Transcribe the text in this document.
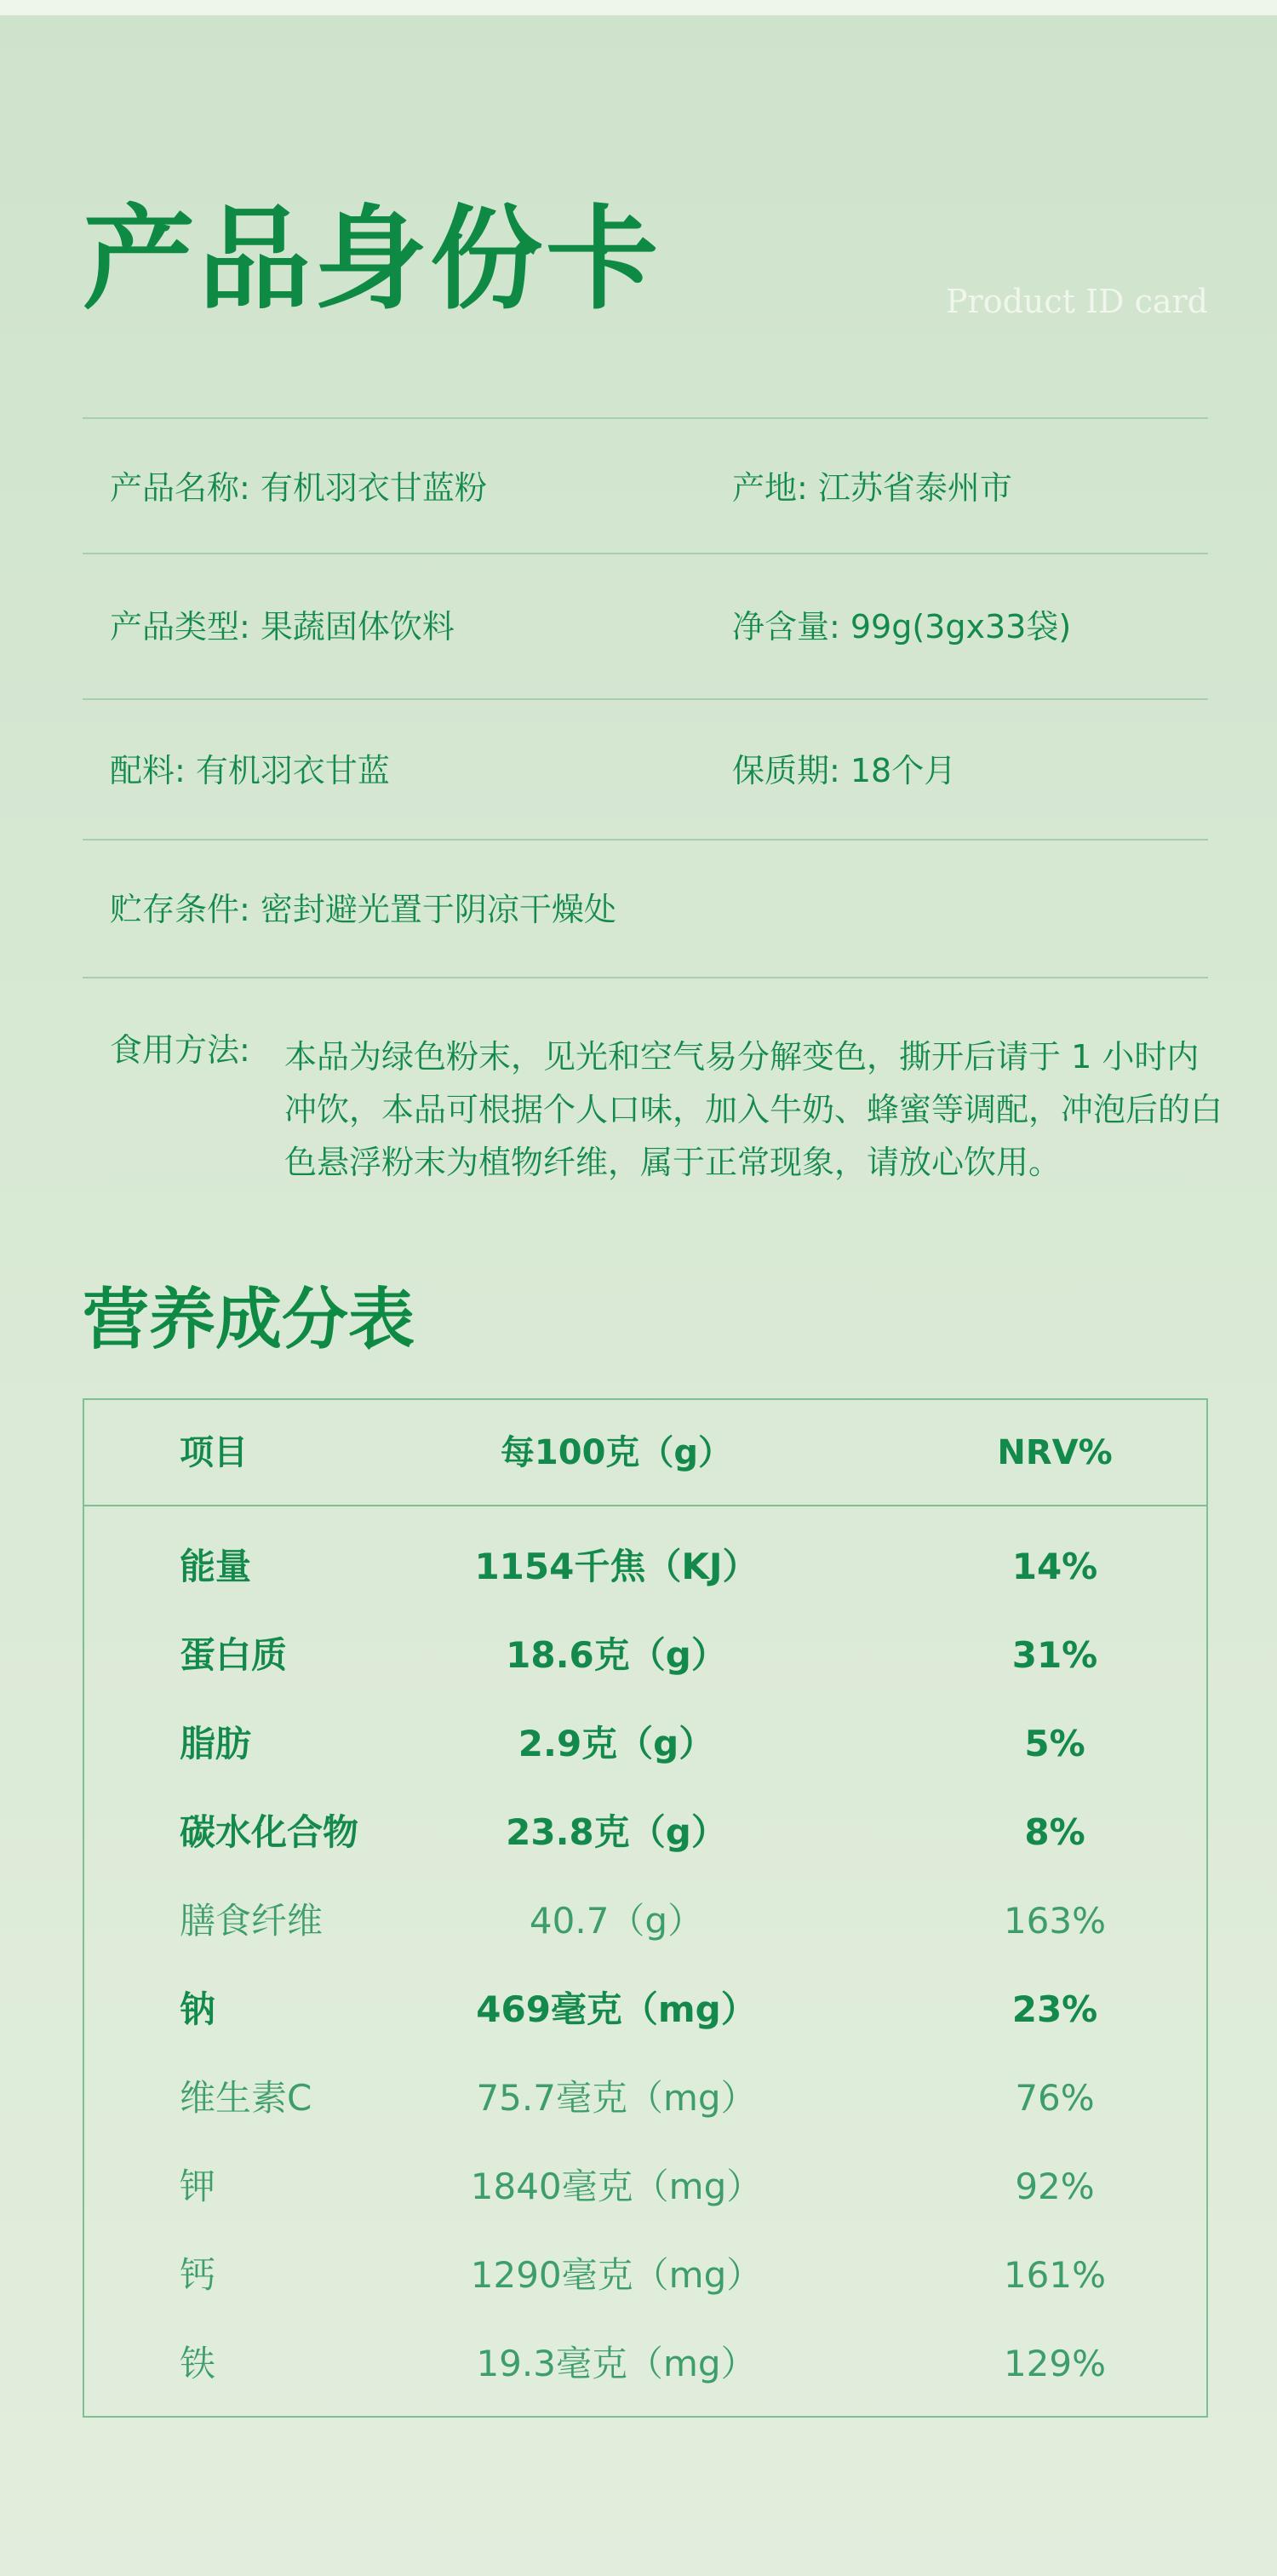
产品身份卡	Product ID card
产品名称: 有机羽衣甘蓝粉	产地: 江苏省泰州市
产品类型: 果蔬固体饮料	净含量: 99g(3gx33袋)
配料: 有机羽衣甘蓝	保质期: 18个月
贮存条件: 密封避光置于阴凉干燥处
食用方法: 本品为绿色粉末，见光和空气易分解变色，撕开后请于 1 小时内
冲饮，本品可根据个人口味，加入牛奶、蜂蜜等调配，冲泡后的白
色悬浮粉末为植物纤维，属于正常现象，请放心饮用。
营养成分表
项目	每100克（g）	NRV%
能量	1154千焦（KJ）	14%
蛋白质	18.6克（g）	31%
脂肪	2.9克（g）	5%
碳水化合物	23.8克（g）	8%
膳食纤维	40.7（g）	163%
钠	469毫克（mg）	23%
维生素C	75.7毫克（mg）	76%
钾	1840毫克（mg）	92%
钙	1290毫克（mg）	161%
铁	19.3毫克（mg）	129%
